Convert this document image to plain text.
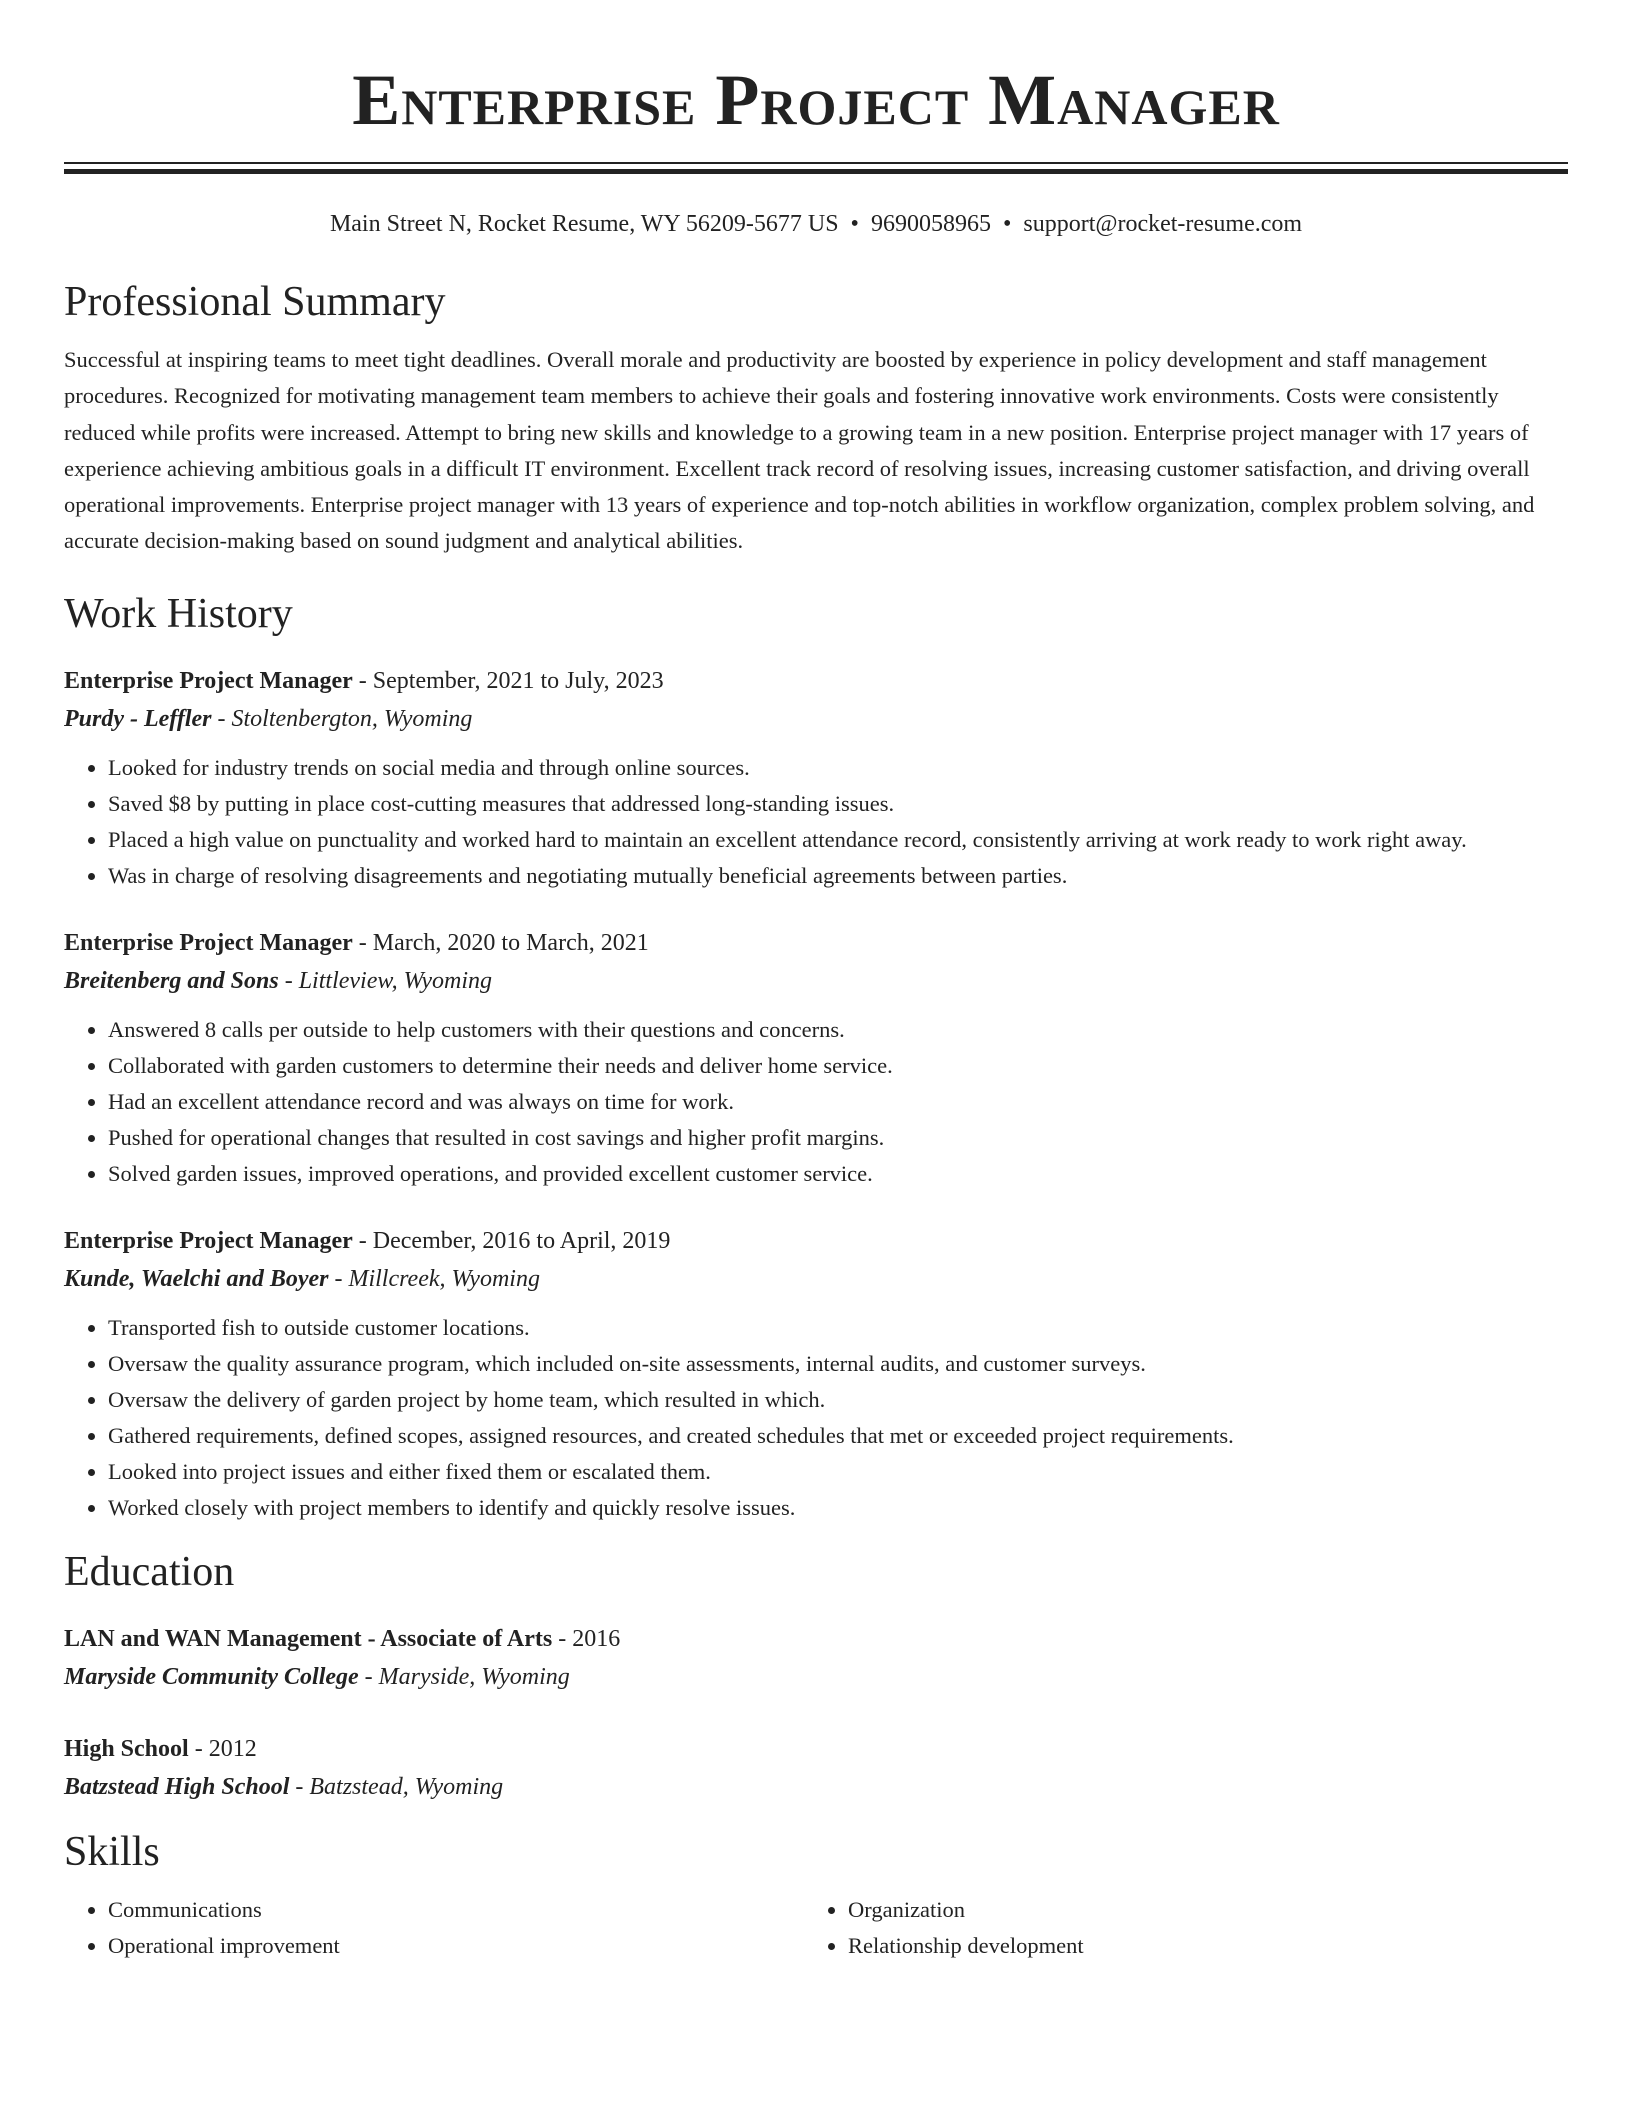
Enterprise Project Manager
Main Street N, Rocket Resume, WY 56209-5677 US • 9690058965 • support@rocket-resume.com
Professional Summary
Successful at inspiring teams to meet tight deadlines. Overall morale and productivity are boosted by experience in policy development and staff management procedures. Recognized for motivating management team members to achieve their goals and fostering innovative work environments. Costs were consistently reduced while profits were increased. Attempt to bring new skills and knowledge to a growing team in a new position. Enterprise project manager with 17 years of experience achieving ambitious goals in a difficult IT environment. Excellent track record of resolving issues, increasing customer satisfaction, and driving overall operational improvements. Enterprise project manager with 13 years of experience and top-notch abilities in workflow organization, complex problem solving, and accurate decision-making based on sound judgment and analytical abilities.
Work History
Enterprise Project Manager - September, 2021 to July, 2023
Purdy - Leffler - Stoltenbergton, Wyoming
• Looked for industry trends on social media and through online sources.
• Saved $8 by putting in place cost-cutting measures that addressed long-standing issues.
• Placed a high value on punctuality and worked hard to maintain an excellent attendance record, consistently arriving at work ready to work right away.
• Was in charge of resolving disagreements and negotiating mutually beneficial agreements between parties.
Enterprise Project Manager - March, 2020 to March, 2021
Breitenberg and Sons - Littleview, Wyoming
• Answered 8 calls per outside to help customers with their questions and concerns.
• Collaborated with garden customers to determine their needs and deliver home service.
• Had an excellent attendance record and was always on time for work.
• Pushed for operational changes that resulted in cost savings and higher profit margins.
• Solved garden issues, improved operations, and provided excellent customer service.
Enterprise Project Manager - December, 2016 to April, 2019
Kunde, Waelchi and Boyer - Millcreek, Wyoming
• Transported fish to outside customer locations.
• Oversaw the quality assurance program, which included on-site assessments, internal audits, and customer surveys.
• Oversaw the delivery of garden project by home team, which resulted in which.
• Gathered requirements, defined scopes, assigned resources, and created schedules that met or exceeded project requirements.
• Looked into project issues and either fixed them or escalated them.
• Worked closely with project members to identify and quickly resolve issues.
Education
LAN and WAN Management - Associate of Arts - 2016
Maryside Community College - Maryside, Wyoming
High School - 2012
Batzstead High School - Batzstead, Wyoming
Skills
• Communications
• Operational improvement
• Organization
• Relationship development
